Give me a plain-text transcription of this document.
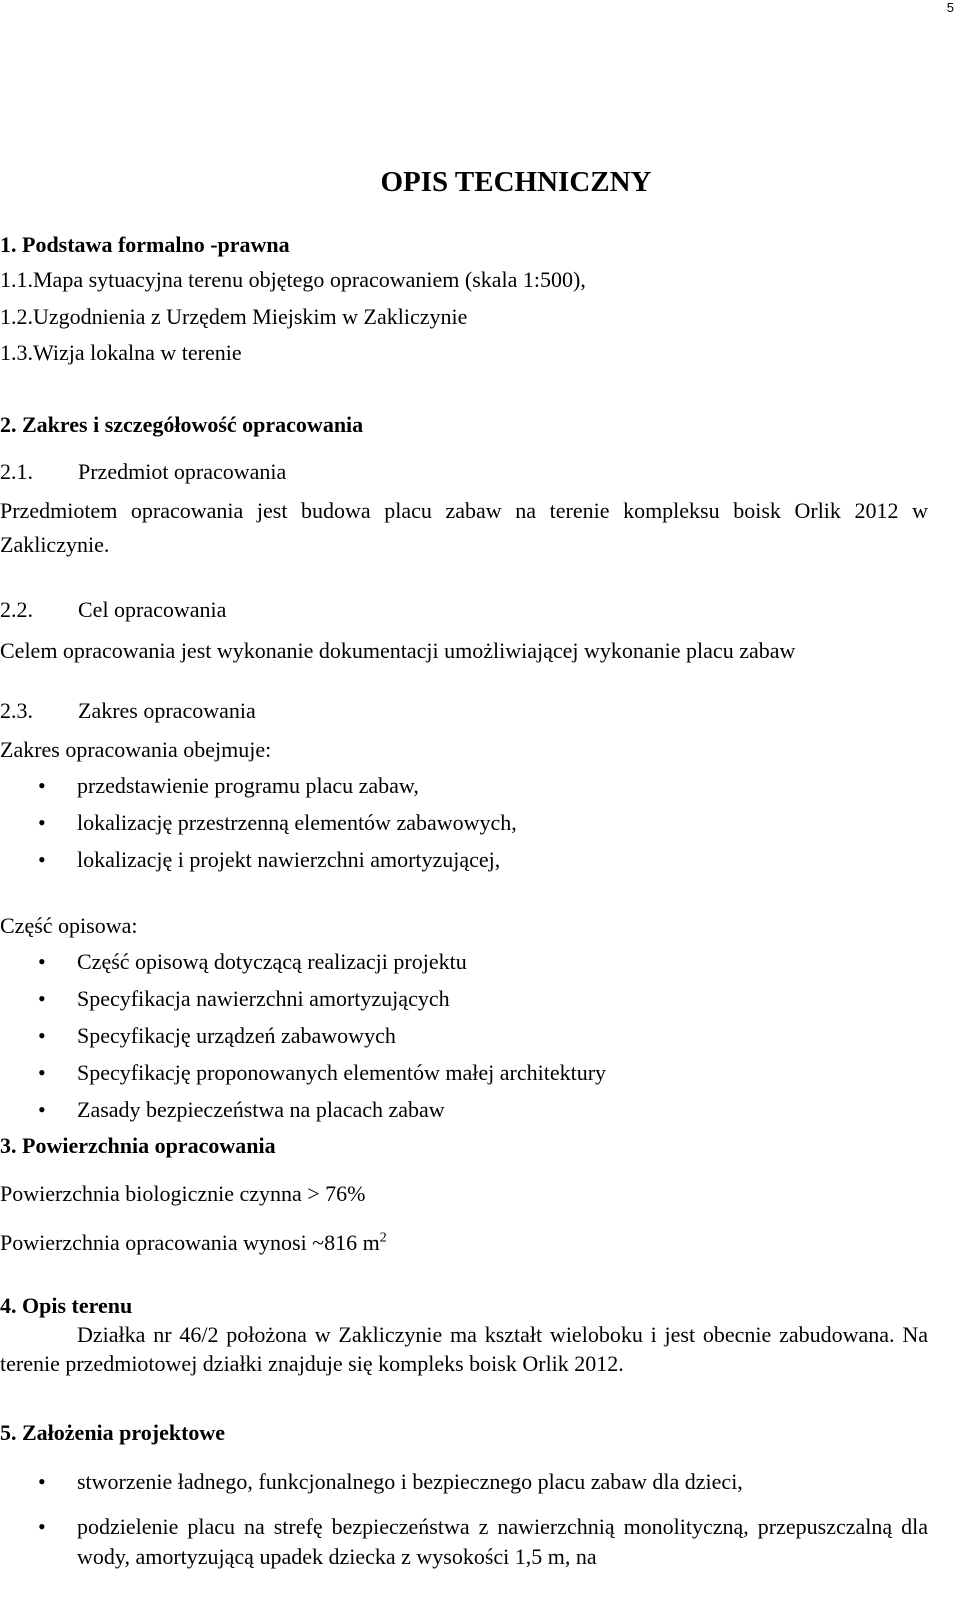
5
OPIS TECHNICZNY
1. Podstawa formalno -prawna
1.1.Mapa sytuacyjna terenu objętego opracowaniem (skala 1:500),
1.2.Uzgodnienia z Urzędem Miejskim w Zakliczynie
1.3.Wizja lokalna w terenie
2. Zakres i szczegółowość opracowania
2.1. Przedmiot opracowania

Przedmiotem opracowania jest budowa placu zabaw na terenie kompleksu boisk Orlik 2012 w Zakliczynie.

2.2. Cel opracowania
Celem opracowania jest wykonanie dokumentacji umożliwiającej wykonanie placu zabaw
2.3. Zakres opracowania
Zakres opracowania obejmuje:
• przedstawienie programu placu zabaw,
• lokalizację przestrzenną elementów zabawowych,
• lokalizację i projekt nawierzchni amortyzującej,
Część opisowa:
• Część opisową dotyczącą realizacji projektu
• Specyfikacja nawierzchni amortyzujących
• Specyfikację urządzeń zabawowych
• Specyfikację proponowanych elementów małej architektury
• Zasady bezpieczeństwa na placach zabaw
3. Powierzchnia opracowania
Powierzchnia biologicznie czynna > 76%
Powierzchnia opracowania wynosi ~816 $m^2$
4. Opis terenu

Działka nr 46/2 położona w Zakliczynie ma kształt wieloboku i jest obecnie zabudowana. Na terenie przedmiotowej działki znajduje się kompleks boisk Orlik 2012.

5. Założenia projektowe
• stworzenie ładnego, funkcjonalnego i bezpiecznego placu zabaw dla dzieci,
• podzielenie placu na strefę bezpieczeństwa z nawierzchnią monolityczną, przepuszczalną dla wody, amortyzującą upadek dziecka z wysokości 1,5 m, na
